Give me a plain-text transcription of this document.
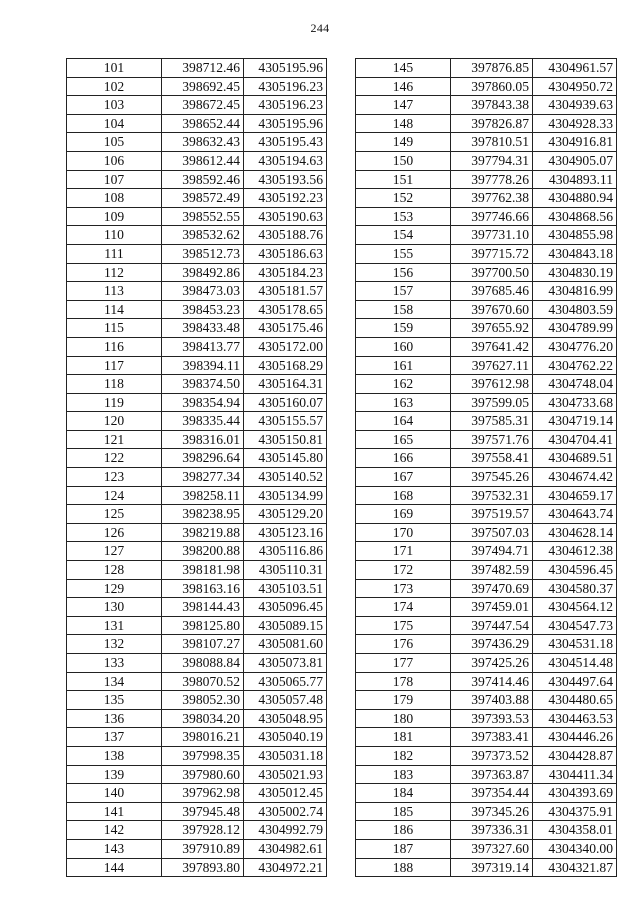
244
101	398712.46	4305195.96
102	398692.45	4305196.23
103	398672.45	4305196.23
104	398652.44	4305195.96
105	398632.43	4305195.43
106	398612.44	4305194.63
107	398592.46	4305193.56
108	398572.49	4305192.23
109	398552.55	4305190.63
110	398532.62	4305188.76
111	398512.73	4305186.63
112	398492.86	4305184.23
113	398473.03	4305181.57
114	398453.23	4305178.65
115	398433.48	4305175.46
116	398413.77	4305172.00
117	398394.11	4305168.29
118	398374.50	4305164.31
119	398354.94	4305160.07
120	398335.44	4305155.57
121	398316.01	4305150.81
122	398296.64	4305145.80
123	398277.34	4305140.52
124	398258.11	4305134.99
125	398238.95	4305129.20
126	398219.88	4305123.16
127	398200.88	4305116.86
128	398181.98	4305110.31
129	398163.16	4305103.51
130	398144.43	4305096.45
131	398125.80	4305089.15
132	398107.27	4305081.60
133	398088.84	4305073.81
134	398070.52	4305065.77
135	398052.30	4305057.48
136	398034.20	4305048.95
137	398016.21	4305040.19
138	397998.35	4305031.18
139	397980.60	4305021.93
140	397962.98	4305012.45
141	397945.48	4305002.74
142	397928.12	4304992.79
143	397910.89	4304982.61
144	397893.80	4304972.21
145	397876.85	4304961.57
146	397860.05	4304950.72
147	397843.38	4304939.63
148	397826.87	4304928.33
149	397810.51	4304916.81
150	397794.31	4304905.07
151	397778.26	4304893.11
152	397762.38	4304880.94
153	397746.66	4304868.56
154	397731.10	4304855.98
155	397715.72	4304843.18
156	397700.50	4304830.19
157	397685.46	4304816.99
158	397670.60	4304803.59
159	397655.92	4304789.99
160	397641.42	4304776.20
161	397627.11	4304762.22
162	397612.98	4304748.04
163	397599.05	4304733.68
164	397585.31	4304719.14
165	397571.76	4304704.41
166	397558.41	4304689.51
167	397545.26	4304674.42
168	397532.31	4304659.17
169	397519.57	4304643.74
170	397507.03	4304628.14
171	397494.71	4304612.38
172	397482.59	4304596.45
173	397470.69	4304580.37
174	397459.01	4304564.12
175	397447.54	4304547.73
176	397436.29	4304531.18
177	397425.26	4304514.48
178	397414.46	4304497.64
179	397403.88	4304480.65
180	397393.53	4304463.53
181	397383.41	4304446.26
182	397373.52	4304428.87
183	397363.87	4304411.34
184	397354.44	4304393.69
185	397345.26	4304375.91
186	397336.31	4304358.01
187	397327.60	4304340.00
188	397319.14	4304321.87
